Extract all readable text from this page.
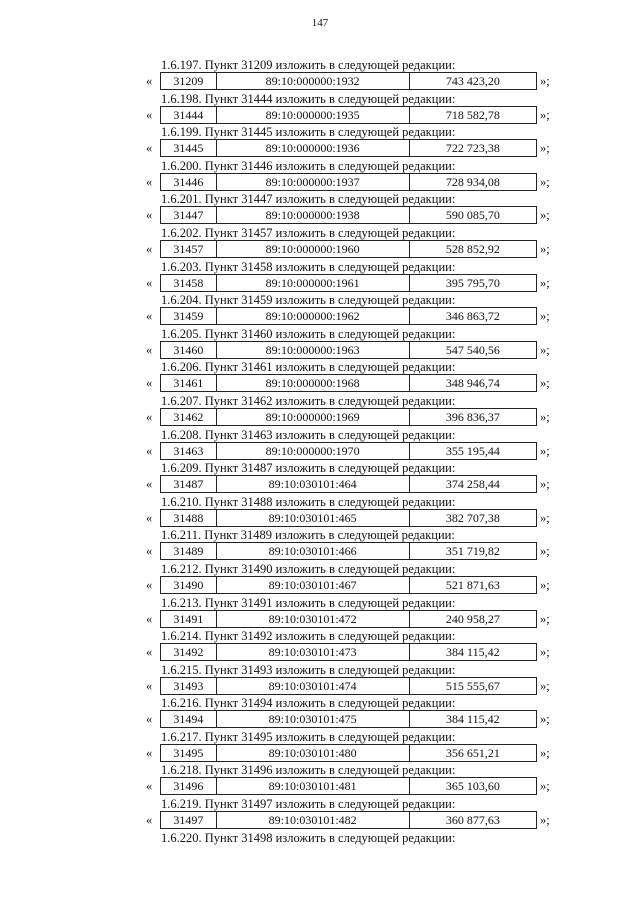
147
1.6.197. Пункт 31209 изложить в следующей редакции:
«	31209	89:10:000000:1932	743 423,20	»;
1.6.198. Пункт 31444 изложить в следующей редакции:
«	31444	89:10:000000:1935	718 582,78	»;
1.6.199. Пункт 31445 изложить в следующей редакции:
«	31445	89:10:000000:1936	722 723,38	»;
1.6.200. Пункт 31446 изложить в следующей редакции:
«	31446	89:10:000000:1937	728 934,08	»;
1.6.201. Пункт 31447 изложить в следующей редакции:
«	31447	89:10:000000:1938	590 085,70	»;
1.6.202. Пункт 31457 изложить в следующей редакции:
«	31457	89:10:000000:1960	528 852,92	»;
1.6.203. Пункт 31458 изложить в следующей редакции:
«	31458	89:10:000000:1961	395 795,70	»;
1.6.204. Пункт 31459 изложить в следующей редакции:
«	31459	89:10:000000:1962	346 863,72	»;
1.6.205. Пункт 31460 изложить в следующей редакции:
«	31460	89:10:000000:1963	547 540,56	»;
1.6.206. Пункт 31461 изложить в следующей редакции:
«	31461	89:10:000000:1968	348 946,74	»;
1.6.207. Пункт 31462 изложить в следующей редакции:
«	31462	89:10:000000:1969	396 836,37	»;
1.6.208. Пункт 31463 изложить в следующей редакции:
«	31463	89:10:000000:1970	355 195,44	»;
1.6.209. Пункт 31487 изложить в следующей редакции:
«	31487	89:10:030101:464	374 258,44	»;
1.6.210. Пункт 31488 изложить в следующей редакции:
«	31488	89:10:030101:465	382 707,38	»;
1.6.211. Пункт 31489 изложить в следующей редакции:
«	31489	89:10:030101:466	351 719,82	»;
1.6.212. Пункт 31490 изложить в следующей редакции:
«	31490	89:10:030101:467	521 871,63	»;
1.6.213. Пункт 31491 изложить в следующей редакции:
«	31491	89:10:030101:472	240 958,27	»;
1.6.214. Пункт 31492 изложить в следующей редакции:
«	31492	89:10:030101:473	384 115,42	»;
1.6.215. Пункт 31493 изложить в следующей редакции:
«	31493	89:10:030101:474	515 555,67	»;
1.6.216. Пункт 31494 изложить в следующей редакции:
«	31494	89:10:030101:475	384 115,42	»;
1.6.217. Пункт 31495 изложить в следующей редакции:
«	31495	89:10:030101:480	356 651,21	»;
1.6.218. Пункт 31496 изложить в следующей редакции:
«	31496	89:10:030101:481	365 103,60	»;
1.6.219. Пункт 31497 изложить в следующей редакции:
«	31497	89:10:030101:482	360 877,63	»;
1.6.220. Пункт 31498 изложить в следующей редакции:
